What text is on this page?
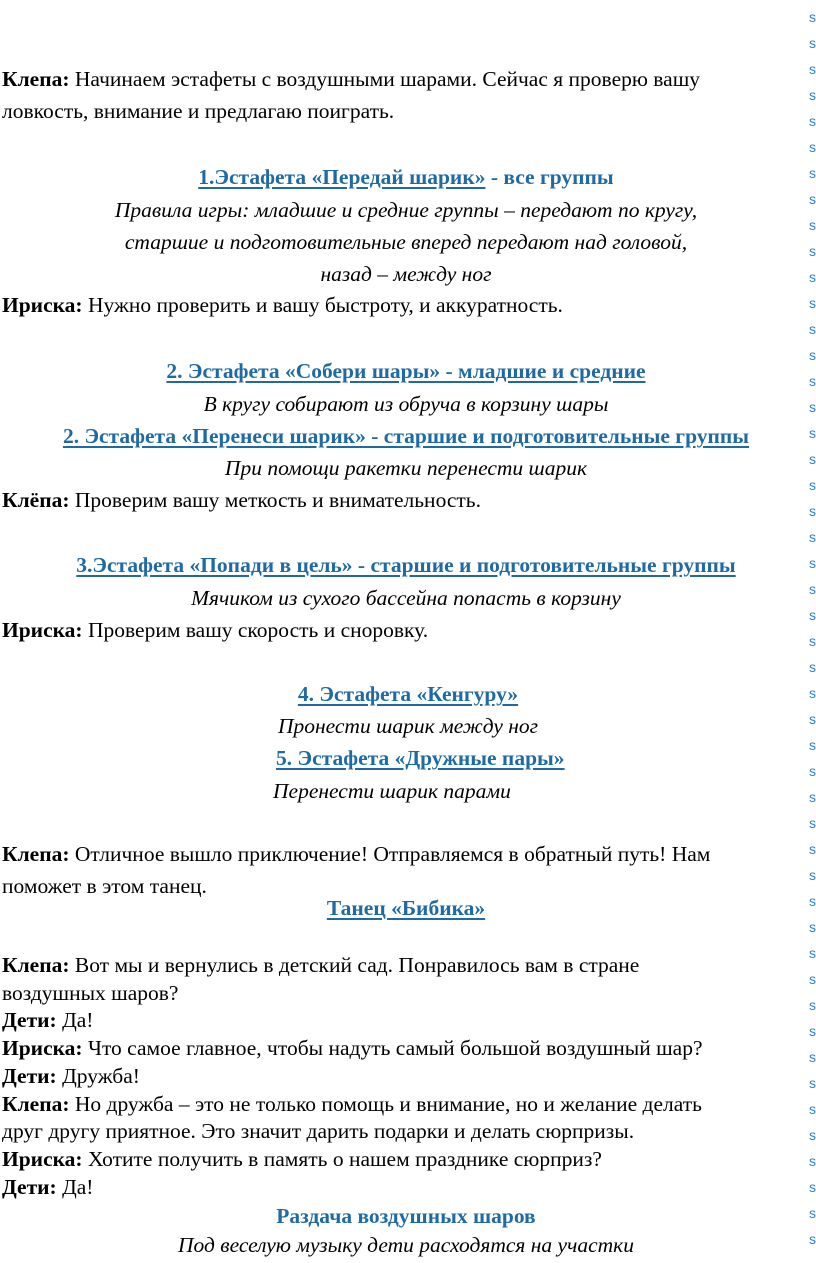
Клепа: Начинаем эстафеты с воздушными шарами. Сейчас я проверю вашу
ловкость, внимание и предлагаю поиграть.
1.Эстафета «Передай шарик» - все группы
Правила игры: младшие и средние группы – передают по кругу,
старшие и подготовительные вперед передают над головой,
назад – между ног
Ириска: Нужно проверить и вашу быстроту, и аккуратность.
2. Эстафета «Собери шары» - младшие и средние
В кругу собирают из обруча в корзину шары
2. Эстафета «Перенеси шарик» - старшие и подготовительные группы
При помощи ракетки перенести шарик
Клёпа: Проверим вашу меткость и внимательность.
3.Эстафета «Попади в цель» - старшие и подготовительные группы
Мячиком из сухого бассейна попасть в корзину
Ириска: Проверим вашу скорость и сноровку.
4. Эстафета «Кенгуру»
Пронести шарик между ног
5. Эстафета «Дружные пары»
Перенести шарик парами
Клепа: Отличное вышло приключение! Отправляемся в обратный путь! Нам
поможет в этом танец.
Танец «Бибика»
Клепа: Вот мы и вернулись в детский сад. Понравилось вам в стране
воздушных шаров?
Дети: Да!
Ириска: Что самое главное, чтобы надуть самый большой воздушный шар?
Дети: Дружба!
Клепа: Но дружба – это не только помощь и внимание, но и желание делать
друг другу приятное. Это значит дарить подарки и делать сюрпризы.
Ириска: Хотите получить в память о нашем празднике сюрприз?
Дети: Да!
Раздача воздушных шаров
Под веселую музыку дети расходятся на участки
s
s
s
s
s
s
s
s
s
s
s
s
s
s
s
s
s
s
s
s
s
s
s
s
s
s
s
s
s
s
s
s
s
s
s
s
s
s
s
s
s
s
s
s
s
s
s
s
